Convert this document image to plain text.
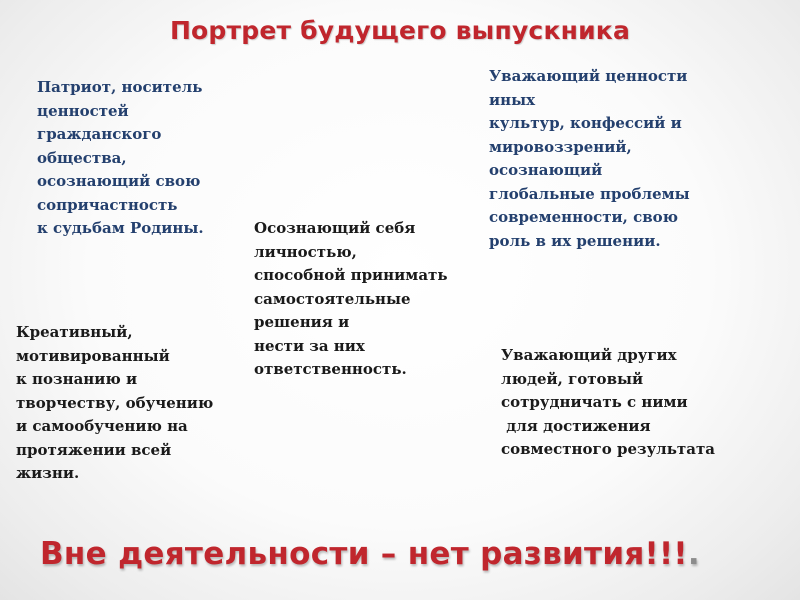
Портрет будущего выпускника

Патриот, носитель
ценностей
гражданского
общества,
осознающий свою
сопричастность
к судьбам Родины.

Уважающий ценности
иных
культур, конфессий и
мировоззрений,
осознающий
глобальные проблемы
современности, свою
роль в их решении.

Осознающий себя
личностью,
способной принимать
самостоятельные
решения и
нести за них
ответственность.

Креативный,
мотивированный
к познанию и
творчеству, обучению
и самообучению на
протяжении всей
жизни.

Уважающий других
людей, готовый
сотрудничать с ними
для достижения
совместного результата

Вне деятельности – нет развития!!!.
